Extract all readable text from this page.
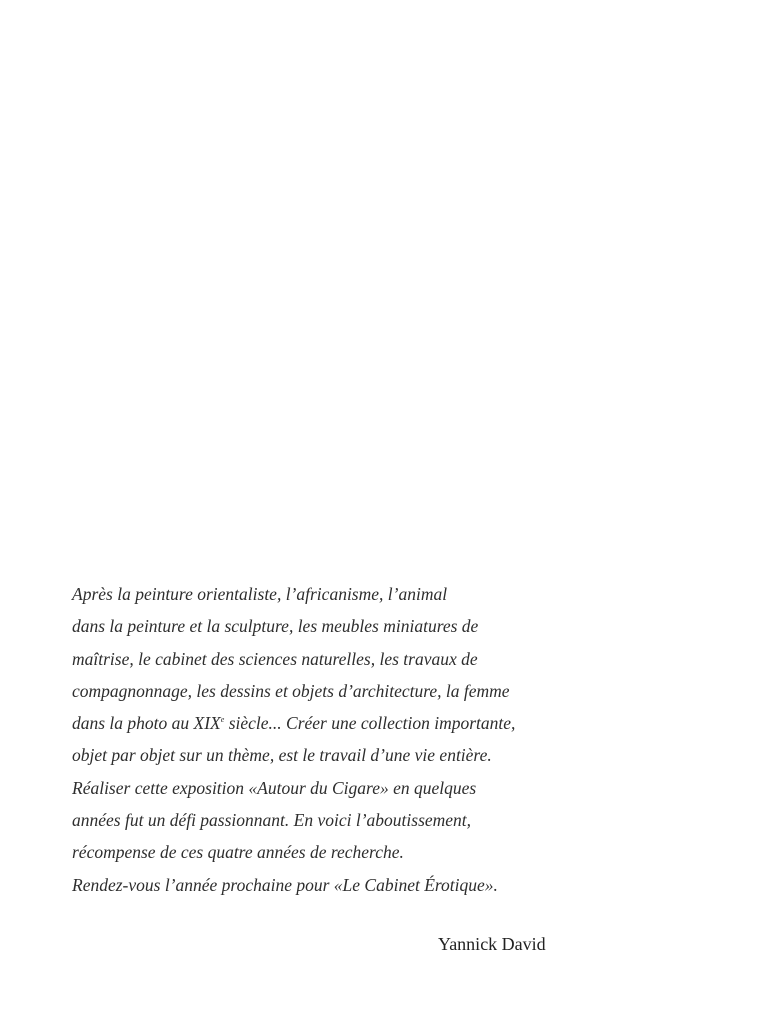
Après la peinture orientaliste, l’africanisme, l’animal
dans la peinture et la sculpture, les meubles miniatures de
maîtrise, le cabinet des sciences naturelles, les travaux de
compagnonnage, les dessins et objets d’architecture, la femme
dans la photo au XIXe siècle... Créer une collection importante,
objet par objet sur un thème, est le travail d’une vie entière.
Réaliser cette exposition «Autour du Cigare» en quelques
années fut un défi passionnant. En voici l’aboutissement,
récompense de ces quatre années de recherche.
Rendez-vous l’année prochaine pour «Le Cabinet Érotique».
Yannick David
